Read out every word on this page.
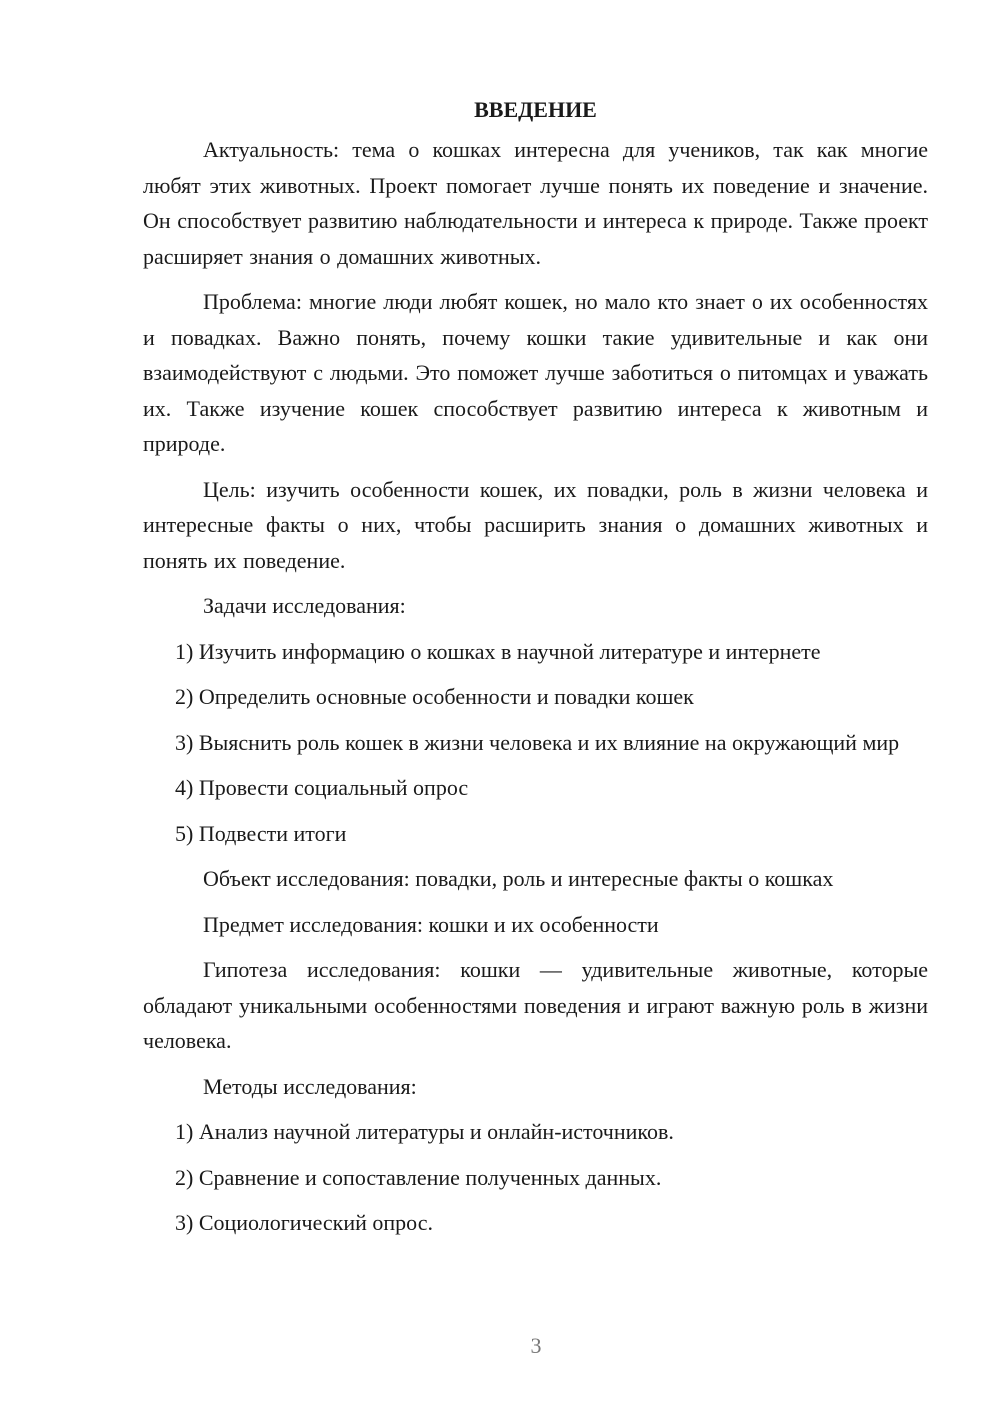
ВВЕДЕНИЕ

Актуальность: тема о кошках интересна для учеников, так как многие любят этих животных. Проект помогает лучше понять их поведение и значение. Он способствует развитию наблюдательности и интереса к природе. Также проект расширяет знания о домашних животных.

Проблема: многие люди любят кошек, но мало кто знает о их особенностях и повадках. Важно понять, почему кошки такие удивительные и как они взаимодействуют с людьми. Это поможет лучше заботиться о питомцах и уважать их. Также изучение кошек способствует развитию интереса к животным и природе.

Цель: изучить особенности кошек, их повадки, роль в жизни человека и интересные факты о них, чтобы расширить знания о домашних животных и понять их поведение.

Задачи исследования:

1) Изучить информацию о кошках в научной литературе и интернете

2) Определить основные особенности и повадки кошек

3) Выяснить роль кошек в жизни человека и их влияние на окружающий мир

4) Провести социальный опрос

5) Подвести итоги

Объект исследования: повадки, роль и интересные факты о кошках

Предмет исследования: кошки и их особенности

Гипотеза исследования: кошки — удивительные животные, которые обладают уникальными особенностями поведения и играют важную роль в жизни человека.

Методы исследования:

1) Анализ научной литературы и онлайн-источников.

2) Сравнение и сопоставление полученных данных.

3) Социологический опрос.

3
